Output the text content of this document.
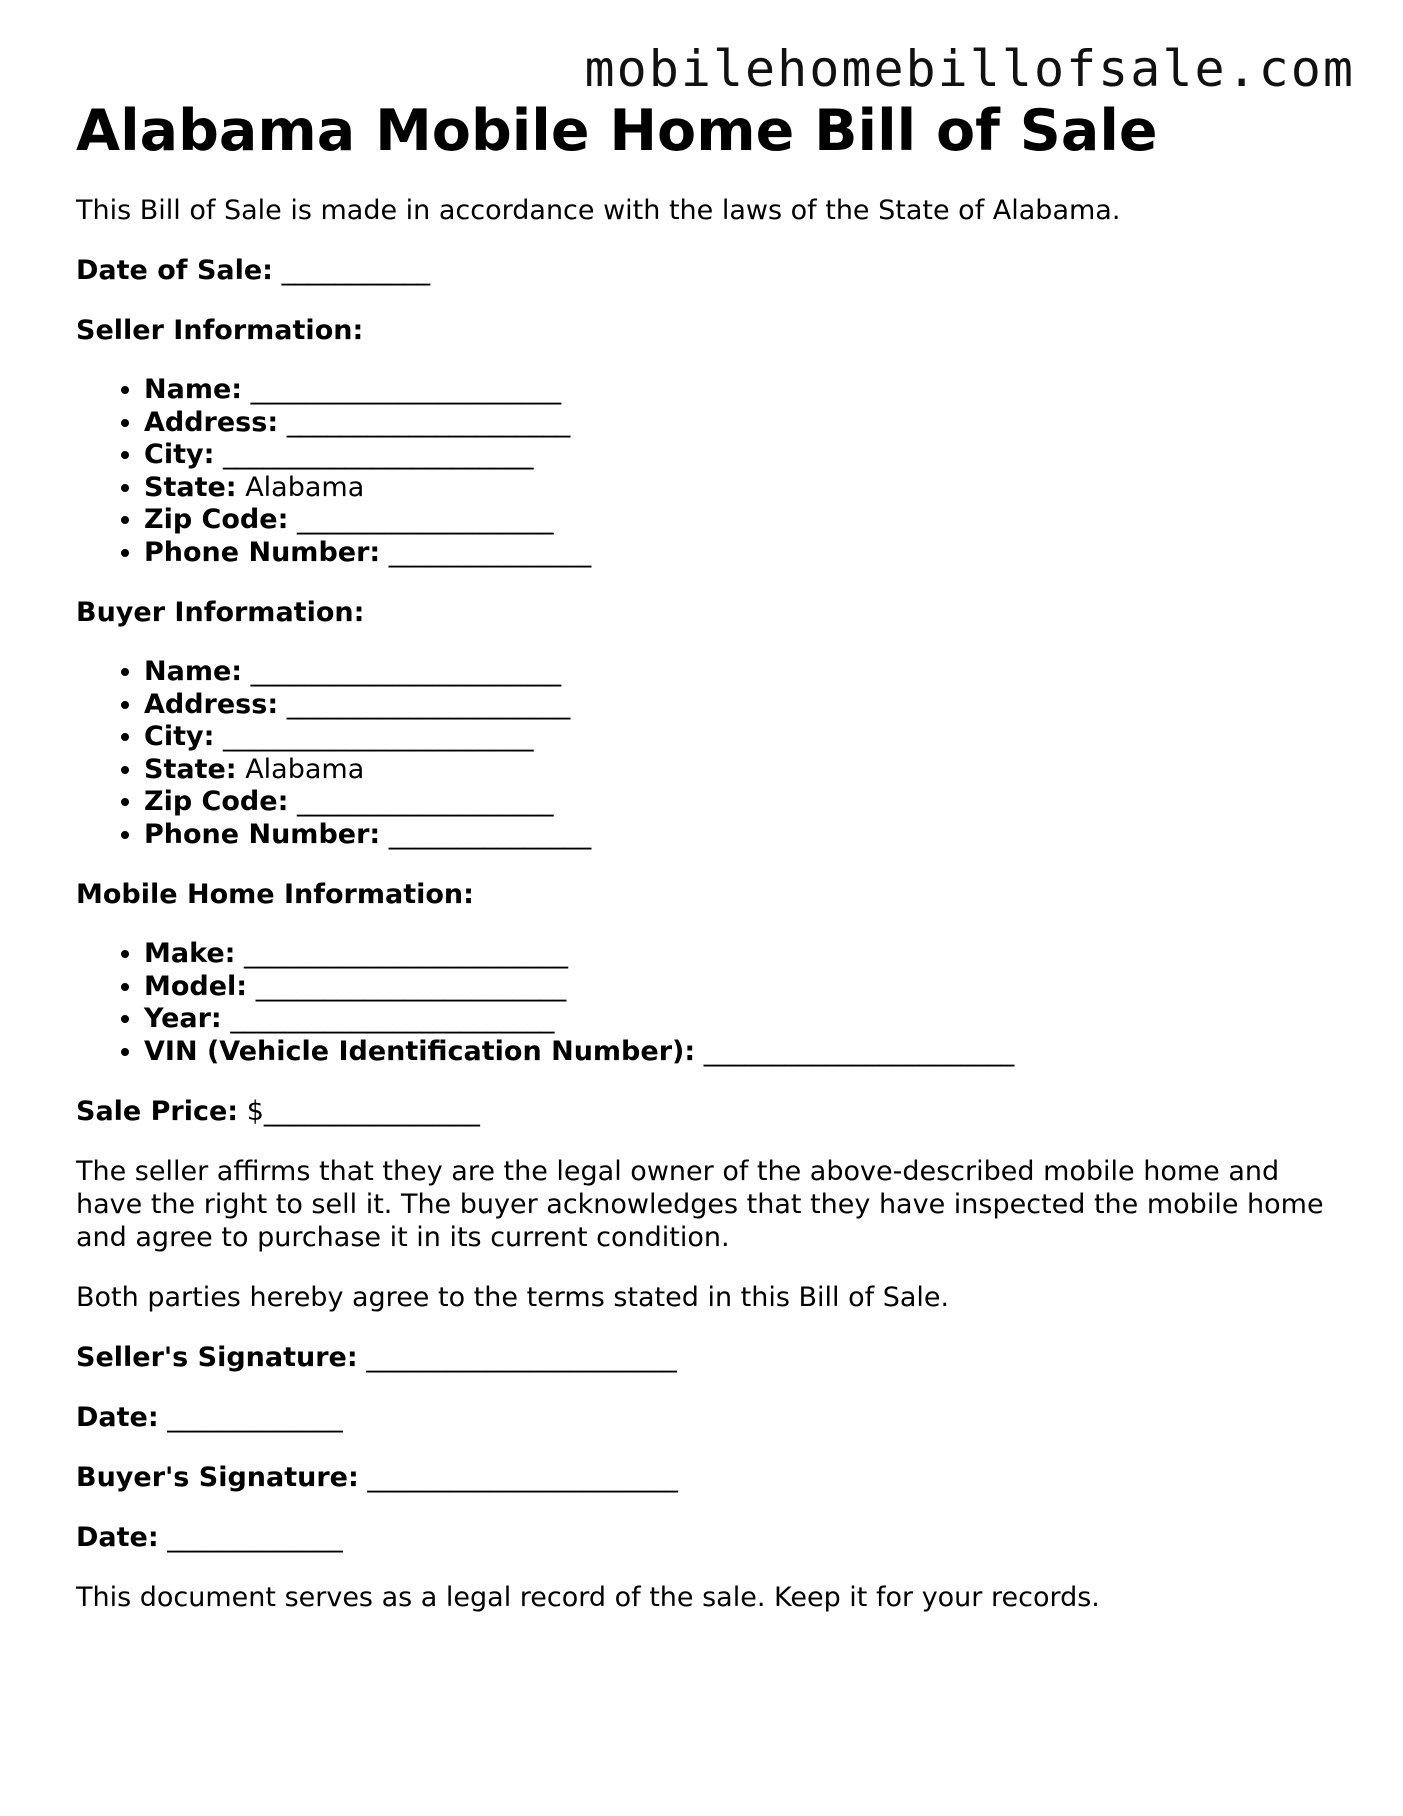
mobilehomebillofsale.com
Alabama Mobile Home Bill of Sale

This Bill of Sale is made in accordance with the laws of the State of Alabama.

Date of Sale: ___________

Seller Information:

• Name: _______________________
• Address: _____________________
• City: _______________________
• State: Alabama
• Zip Code: ___________________
• Phone Number: _______________

Buyer Information:

• Name: _______________________
• Address: _____________________
• City: _______________________
• State: Alabama
• Zip Code: ___________________
• Phone Number: _______________

Mobile Home Information:

• Make: ________________________
• Model: _______________________
• Year: ________________________
• VIN (Vehicle Identification Number): _______________________

Sale Price: $________________

The seller affirms that they are the legal owner of the above-described mobile home and have the right to sell it. The buyer acknowledges that they have inspected the mobile home and agree to purchase it in its current condition.

Both parties hereby agree to the terms stated in this Bill of Sale.

Seller's Signature: _______________________

Date: _____________

Buyer's Signature: _______________________

Date: _____________

This document serves as a legal record of the sale. Keep it for your records.
